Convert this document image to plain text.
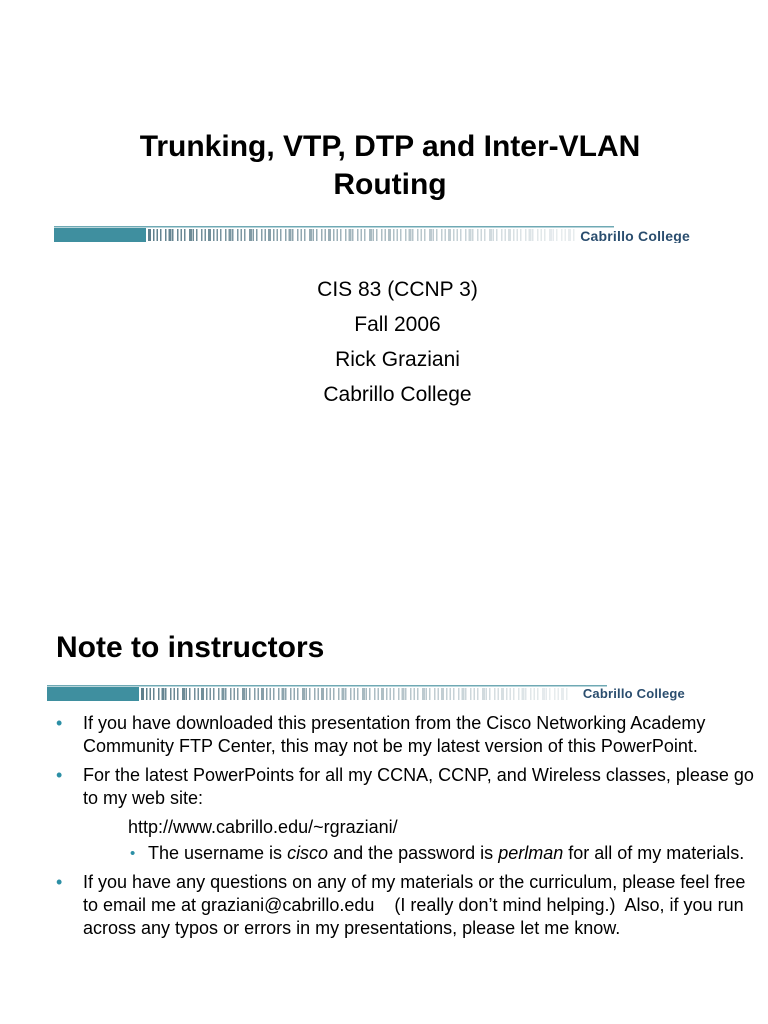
Trunking, VTP, DTP and Inter-VLAN
Routing
Cabrillo College
CIS 83 (CCNP 3)
Fall 2006
Rick Graziani
Cabrillo College
Note to instructors
Cabrillo College
• If you have downloaded this presentation from the Cisco Networking Academy Community FTP Center, this may not be my latest version of this PowerPoint.
• For the latest PowerPoints for all my CCNA, CCNP, and Wireless classes, please go to my web site:
http://www.cabrillo.edu/~rgraziani/
• The username is cisco and the password is perlman for all of my materials.
• If you have any questions on any of my materials or the curriculum, please feel free to email me at graziani@cabrillo.edu    (I really don’t mind helping.)  Also, if you run across any typos or errors in my presentations, please let me know.
